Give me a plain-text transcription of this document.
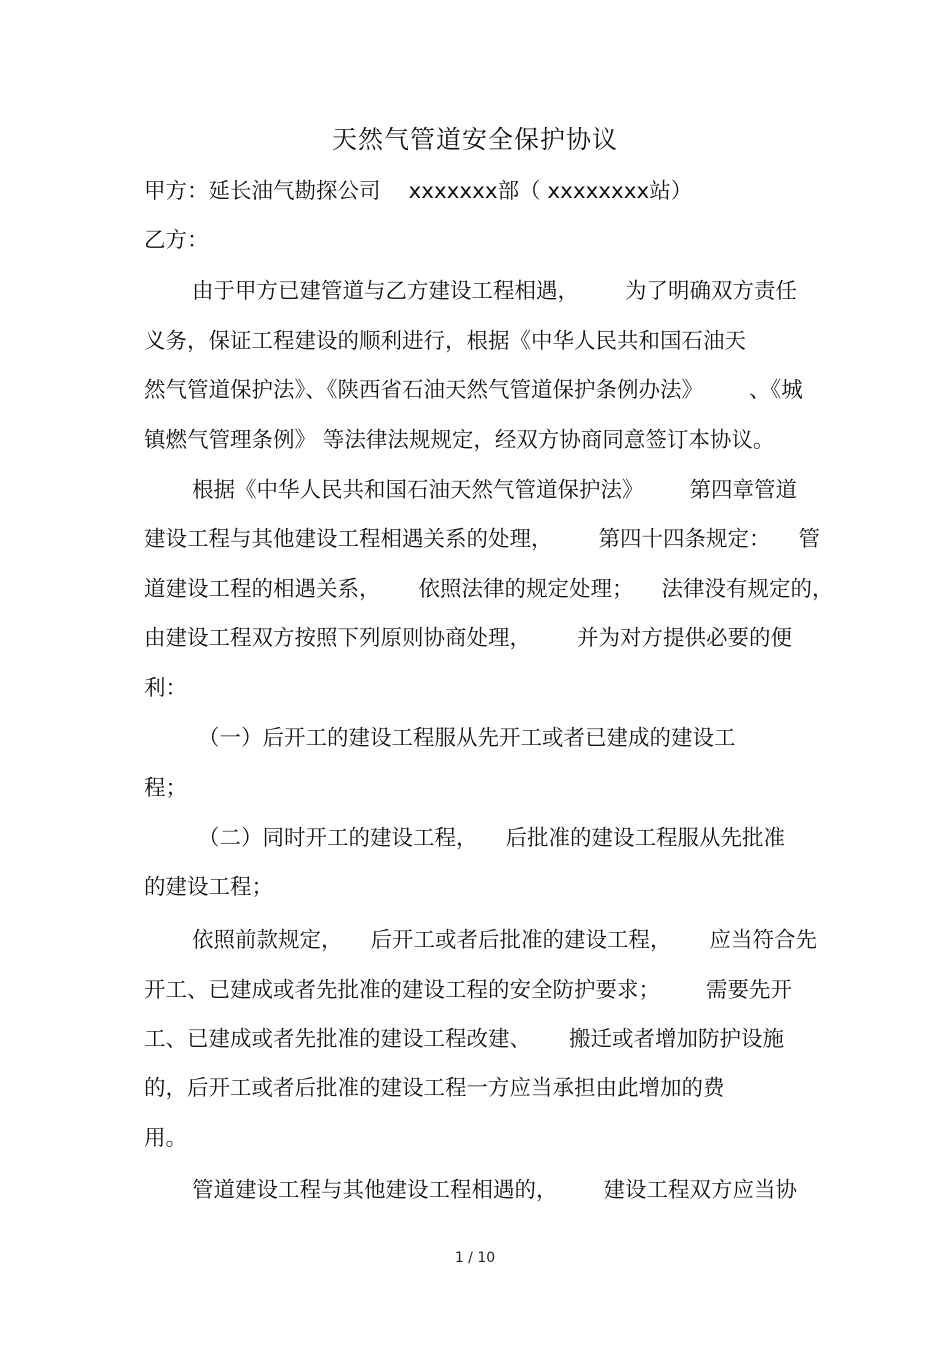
天然气管道安全保护协议
甲方：延长油气勘探公司 xxxxxxx部（ xxxxxxxx站）
乙方：
由于甲方已建管道与乙方建设工程相遇， 为了明确双方责任
义务，保证工程建设的顺利进行，根据《中华人民共和国石油天
然气管道保护法》、《陕西省石油天然气管道保护条例办法》 、《城
镇燃气管理条例》 等法律法规规定，经双方协商同意签订本协议。
根据《中华人民共和国石油天然气管道保护法》 第四章管道
建设工程与其他建设工程相遇关系的处理， 第四十四条规定： 管
道建设工程的相遇关系， 依照法律的规定处理； 法律没有规定的，
由建设工程双方按照下列原则协商处理， 并为对方提供必要的便
利：
（一）后开工的建设工程服从先开工或者已建成的建设工
程；
（二）同时开工的建设工程， 后批准的建设工程服从先批准
的建设工程；
依照前款规定， 后开工或者后批准的建设工程， 应当符合先
开工、已建成或者先批准的建设工程的安全防护要求； 需要先开
工、已建成或者先批准的建设工程改建、 搬迁或者增加防护设施
的，后开工或者后批准的建设工程一方应当承担由此增加的费
用。
管道建设工程与其他建设工程相遇的， 建设工程双方应当协
1 / 10
